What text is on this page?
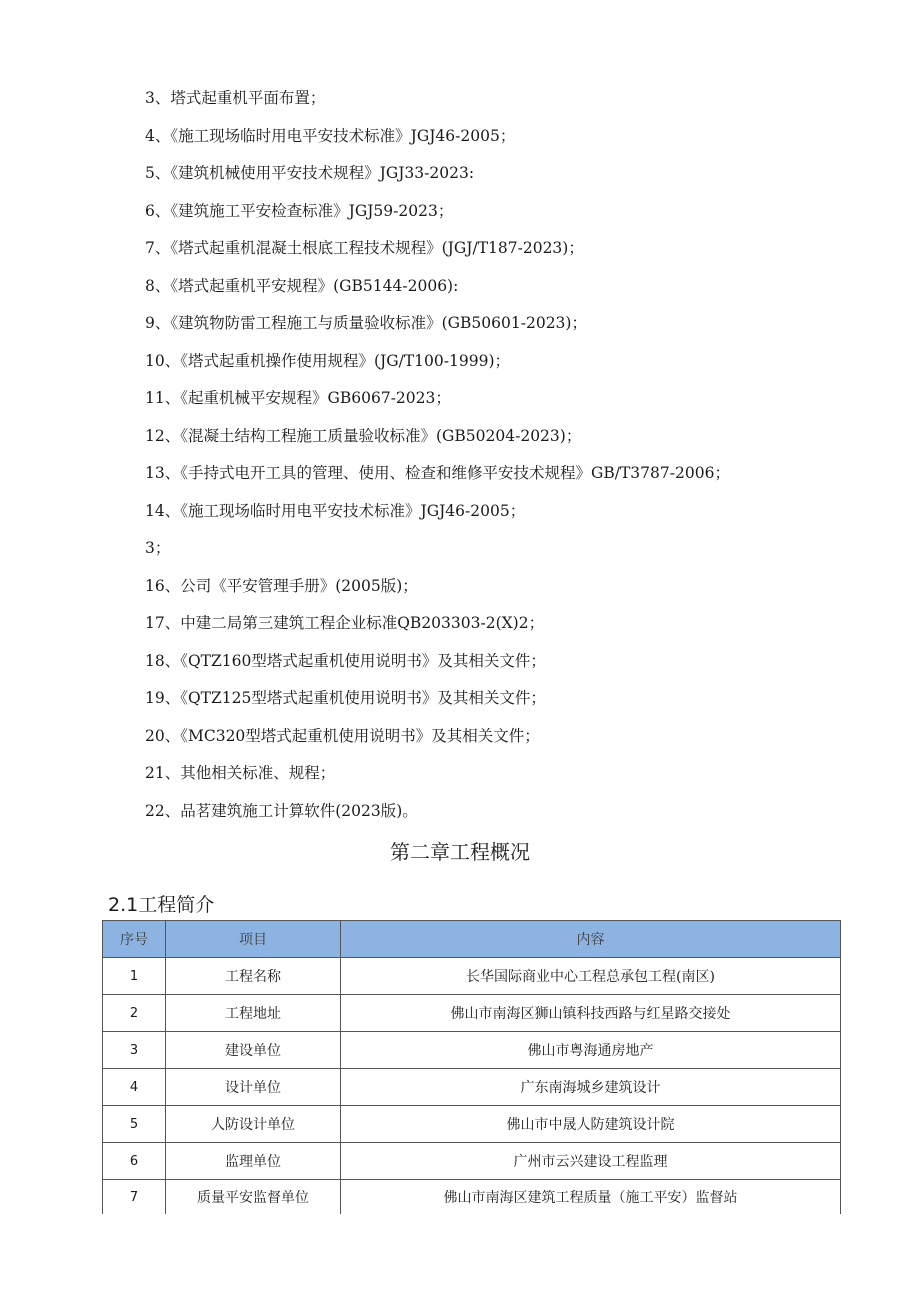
3、塔式起重机平面布置；
4、《施工现场临时用电平安技术标准》JGJ46-2005；
5、《建筑机械使用平安技术规程》JGJ33-2023:
6、《建筑施工平安检查标准》JGJ59-2023；
7、《塔式起重机混凝土根底工程技术规程》(JGJ/T187-2023)；
8、《塔式起重机平安规程》(GB5144-2006):
9、《建筑物防雷工程施工与质量验收标准》(GB50601-2023)；
10、《塔式起重机操作使用规程》(JG/T100-1999)；
11、《起重机械平安规程》GB6067-2023；
12、《混凝土结构工程施工质量验收标准》(GB50204-2023)；
13、《手持式电开工具的管理、使用、检查和维修平安技术规程》GB/T3787-2006；
14、《施工现场临时用电平安技术标准》JGJ46-2005；
3；
16、公司《平安管理手册》(2005版)；
17、中建二局第三建筑工程企业标准QB203303-2(X)2；
18、《QTZ160型塔式起重机使用说明书》及其相关文件；
19、《QTZ125型塔式起重机使用说明书》及其相关文件；
20、《MC320型塔式起重机使用说明书》及其相关文件；
21、其他相关标准、规程；
22、品茗建筑施工计算软件(2023版)。
第二章工程概况
2.1工程简介
序号	项目	内容
1	工程名称	长华国际商业中心工程总承包工程(南区)
2	工程地址	佛山市南海区狮山镇科技西路与红星路交接处
3	建设单位	佛山市粤海通房地产
4	设计单位	广东南海城乡建筑设计
5	人防设计单位	佛山市中晟人防建筑设计院
6	监理单位	广州市云兴建设工程监理
7	质量平安监督单位	佛山市南海区建筑工程质量（施工平安）监督站
